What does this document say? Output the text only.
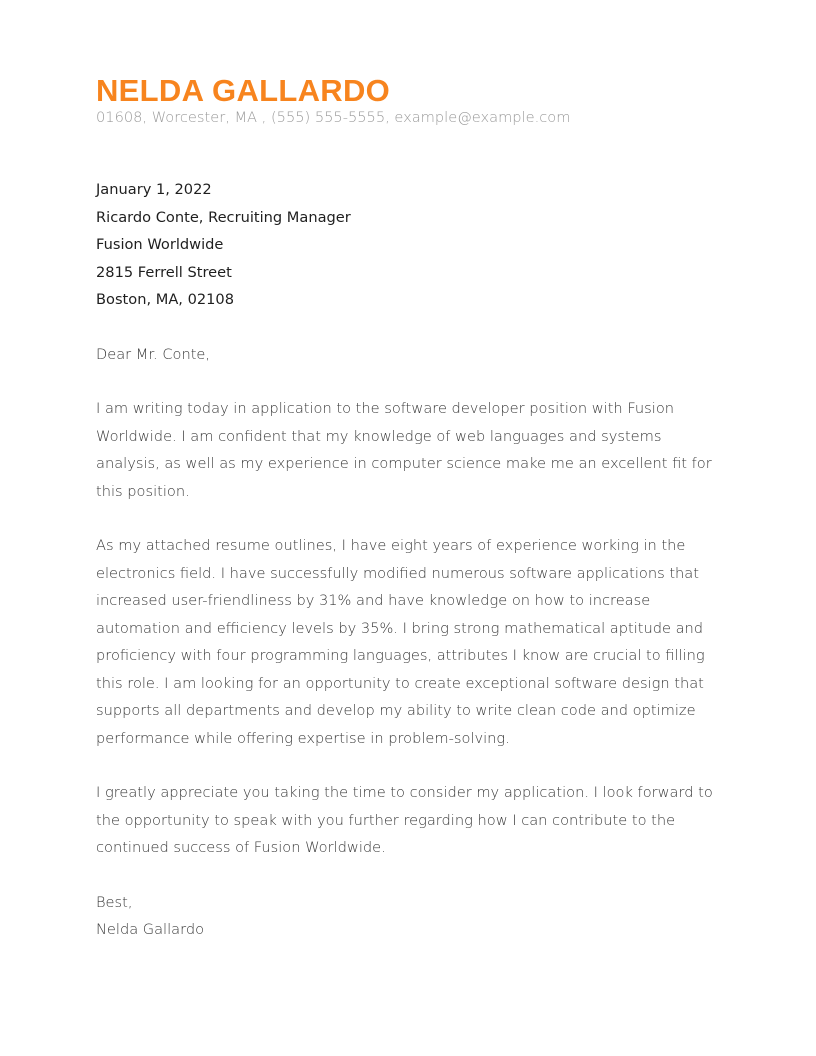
NELDA GALLARDO
01608, Worcester, MA , (555) 555-5555, example@example.com
January 1, 2022
Ricardo Conte, Recruiting Manager
Fusion Worldwide
2815 Ferrell Street
Boston, MA, 02108
Dear Mr. Conte,
I am writing today in application to the software developer position with Fusion Worldwide. I am confident that my knowledge of web languages and systems analysis, as well as my experience in computer science make me an excellent fit for this position.
As my attached resume outlines, I have eight years of experience working in the electronics field. I have successfully modified numerous software applications that increased user-friendliness by 31% and have knowledge on how to increase automation and efficiency levels by 35%. I bring strong mathematical aptitude and proficiency with four programming languages, attributes I know are crucial to filling this role. I am looking for an opportunity to create exceptional software design that supports all departments and develop my ability to write clean code and optimize performance while offering expertise in problem-solving.
I greatly appreciate you taking the time to consider my application. I look forward to the opportunity to speak with you further regarding how I can contribute to the continued success of Fusion Worldwide.
Best,
Nelda Gallardo
